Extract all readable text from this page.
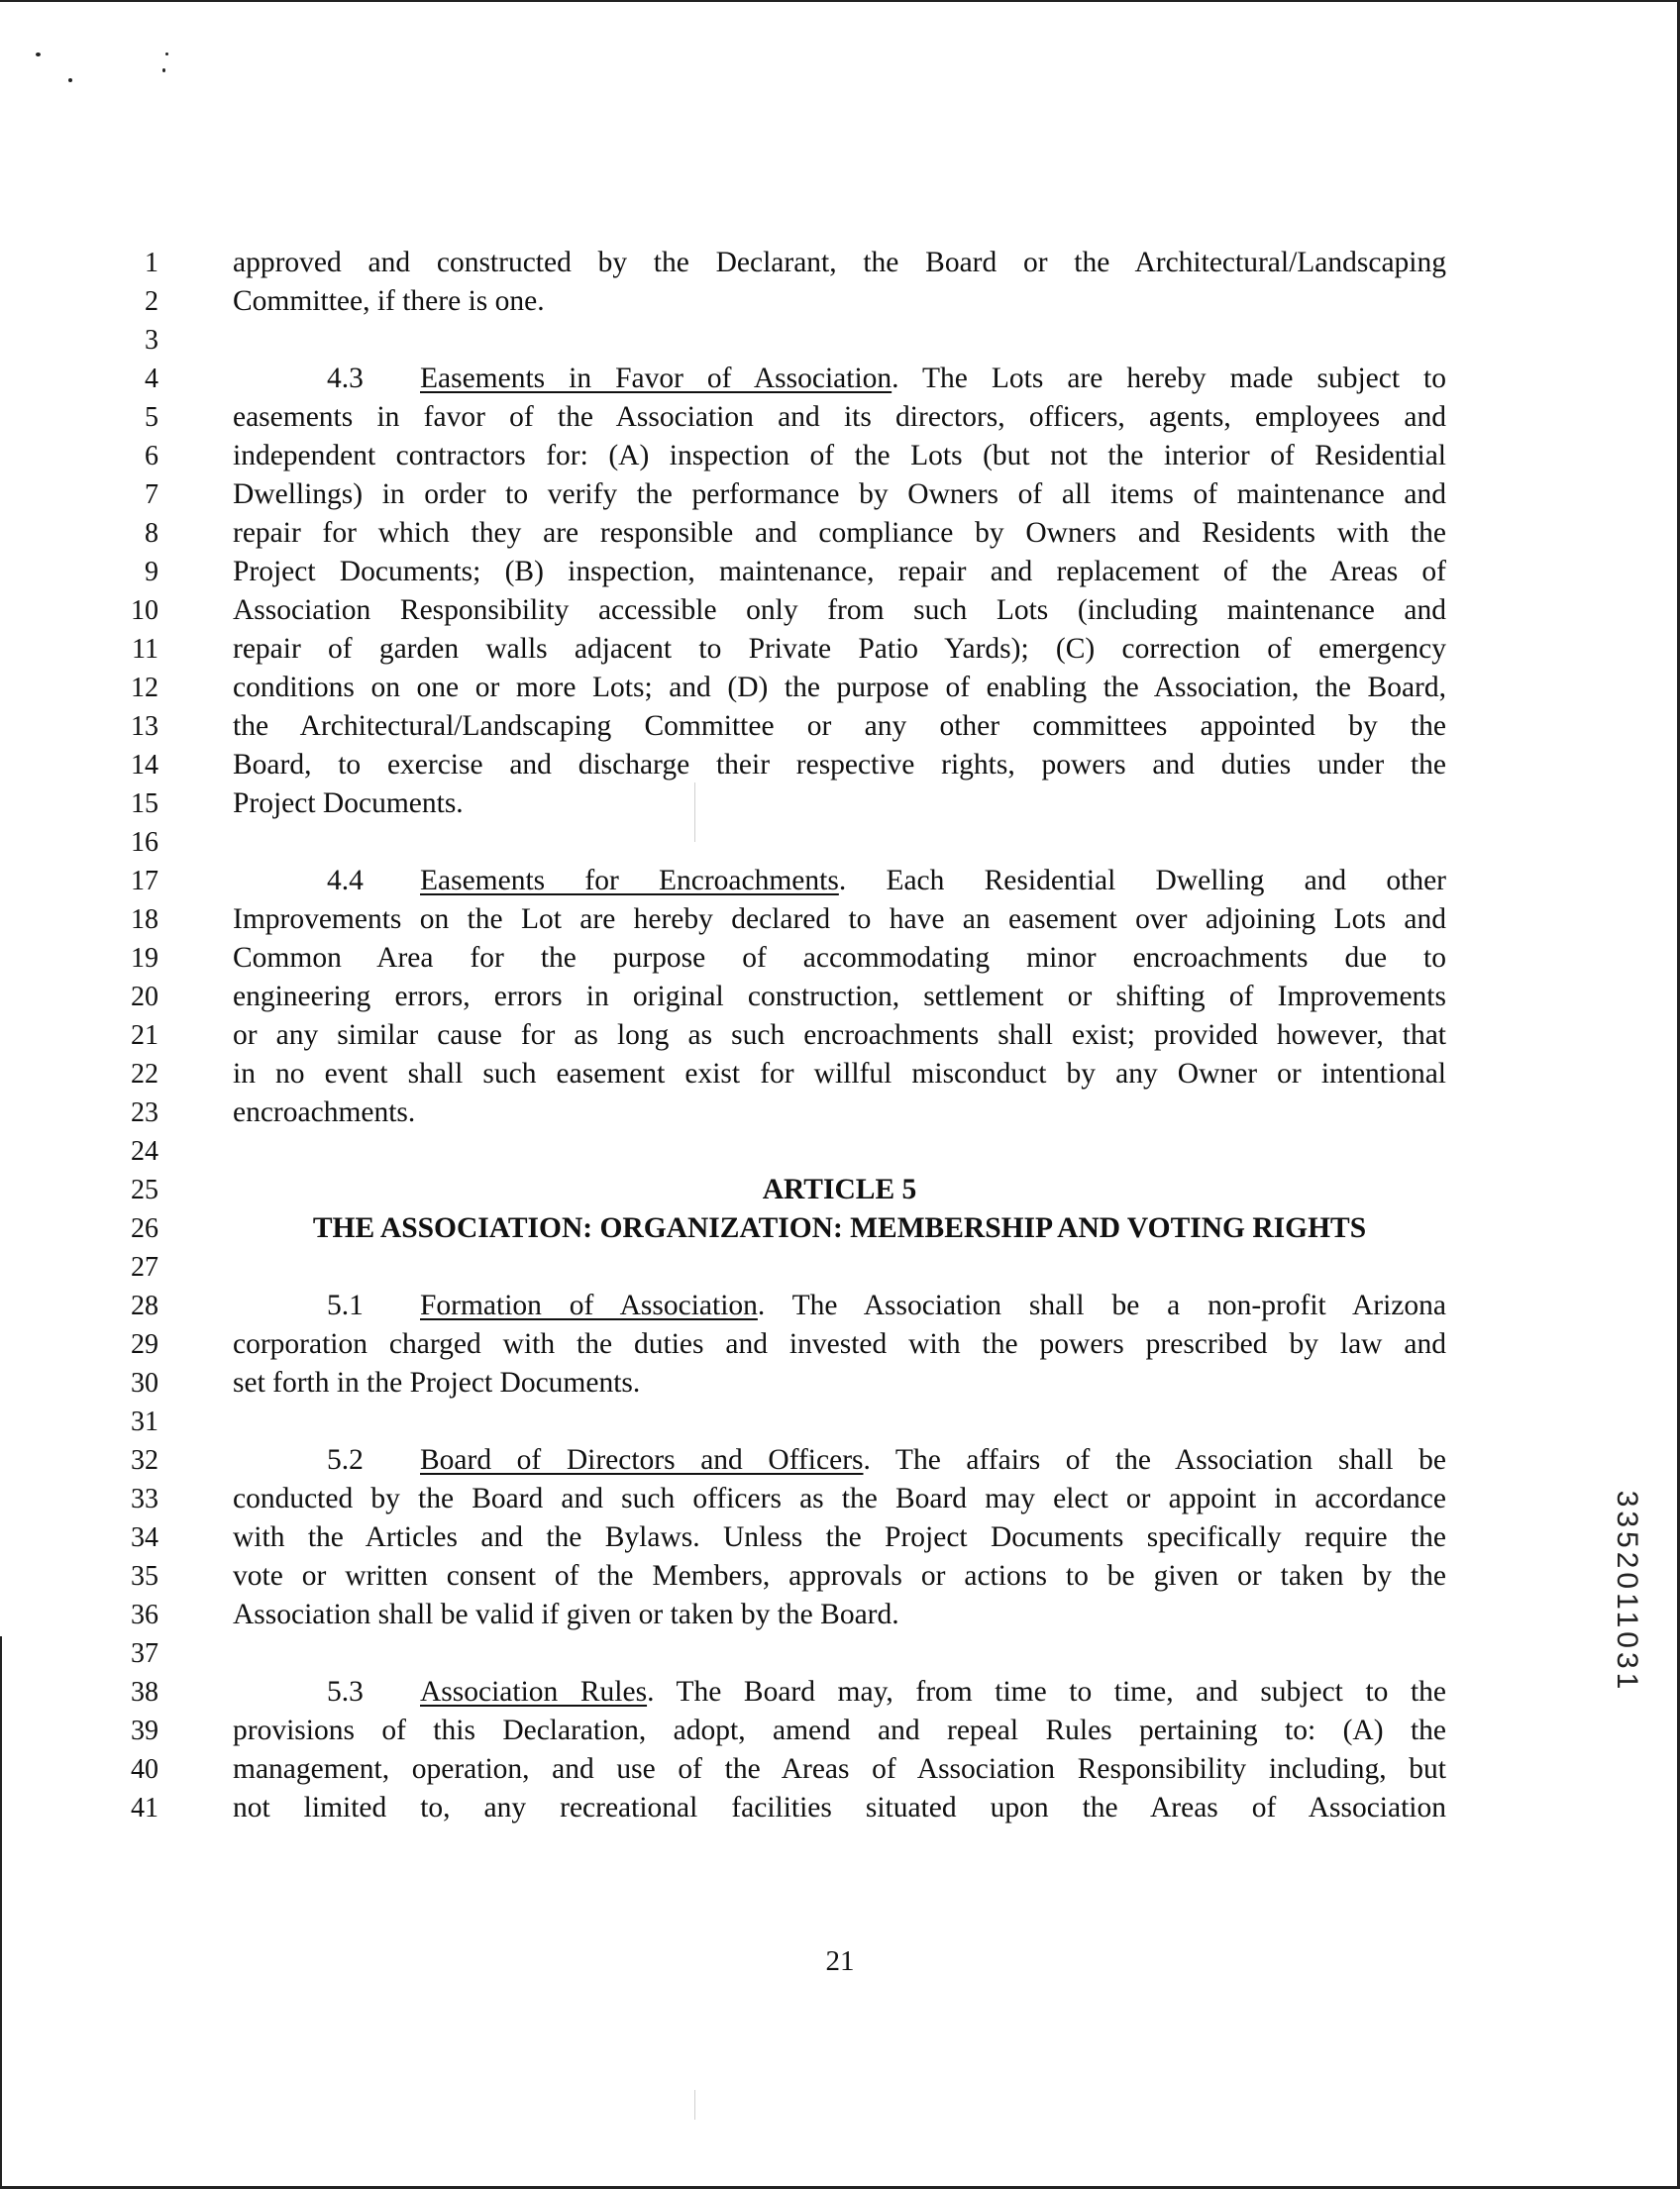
1
2
3
4
5
6
7
8
9
10
11
12
13
14
15
16
17
18
19
20
21
22
23
24
25
26
27
28
29
30
31
32
33
34
35
36
37
38
39
40
41
approved and constructed by the Declarant, the Board or the Architectural/Landscaping
Committee, if there is one.
4.3 Easements in Favor of Association. The Lots are hereby made subject to
easements in favor of the Association and its directors, officers, agents, employees and
independent contractors for: (A) inspection of the Lots (but not the interior of Residential
Dwellings) in order to verify the performance by Owners of all items of maintenance and
repair for which they are responsible and compliance by Owners and Residents with the
Project Documents; (B) inspection, maintenance, repair and replacement of the Areas of
Association Responsibility accessible only from such Lots (including maintenance and
repair of garden walls adjacent to Private Patio Yards); (C) correction of emergency
conditions on one or more Lots; and (D) the purpose of enabling the Association, the Board,
the Architectural/Landscaping Committee or any other committees appointed by the
Board, to exercise and discharge their respective rights, powers and duties under the
Project Documents.
4.4 Easements for Encroachments. Each Residential Dwelling and other
Improvements on the Lot are hereby declared to have an easement over adjoining Lots and
Common Area for the purpose of accommodating minor encroachments due to
engineering errors, errors in original construction, settlement or shifting of Improvements
or any similar cause for as long as such encroachments shall exist; provided however, that
in no event shall such easement exist for willful misconduct by any Owner or intentional
encroachments.
ARTICLE 5
THE ASSOCIATION: ORGANIZATION: MEMBERSHIP AND VOTING RIGHTS
5.1 Formation of Association. The Association shall be a non-profit Arizona
corporation charged with the duties and invested with the powers prescribed by law and
set forth in the Project Documents.
5.2 Board of Directors and Officers. The affairs of the Association shall be
conducted by the Board and such officers as the Board may elect or appoint in accordance
with the Articles and the Bylaws. Unless the Project Documents specifically require the
vote or written consent of the Members, approvals or actions to be given or taken by the
Association shall be valid if given or taken by the Board.
5.3 Association Rules. The Board may, from time to time, and subject to the
provisions of this Declaration, adopt, amend and repeal Rules pertaining to: (A) the
management, operation, and use of the Areas of Association Responsibility including, but
not limited to, any recreational facilities situated upon the Areas of Association
21
3352011031
